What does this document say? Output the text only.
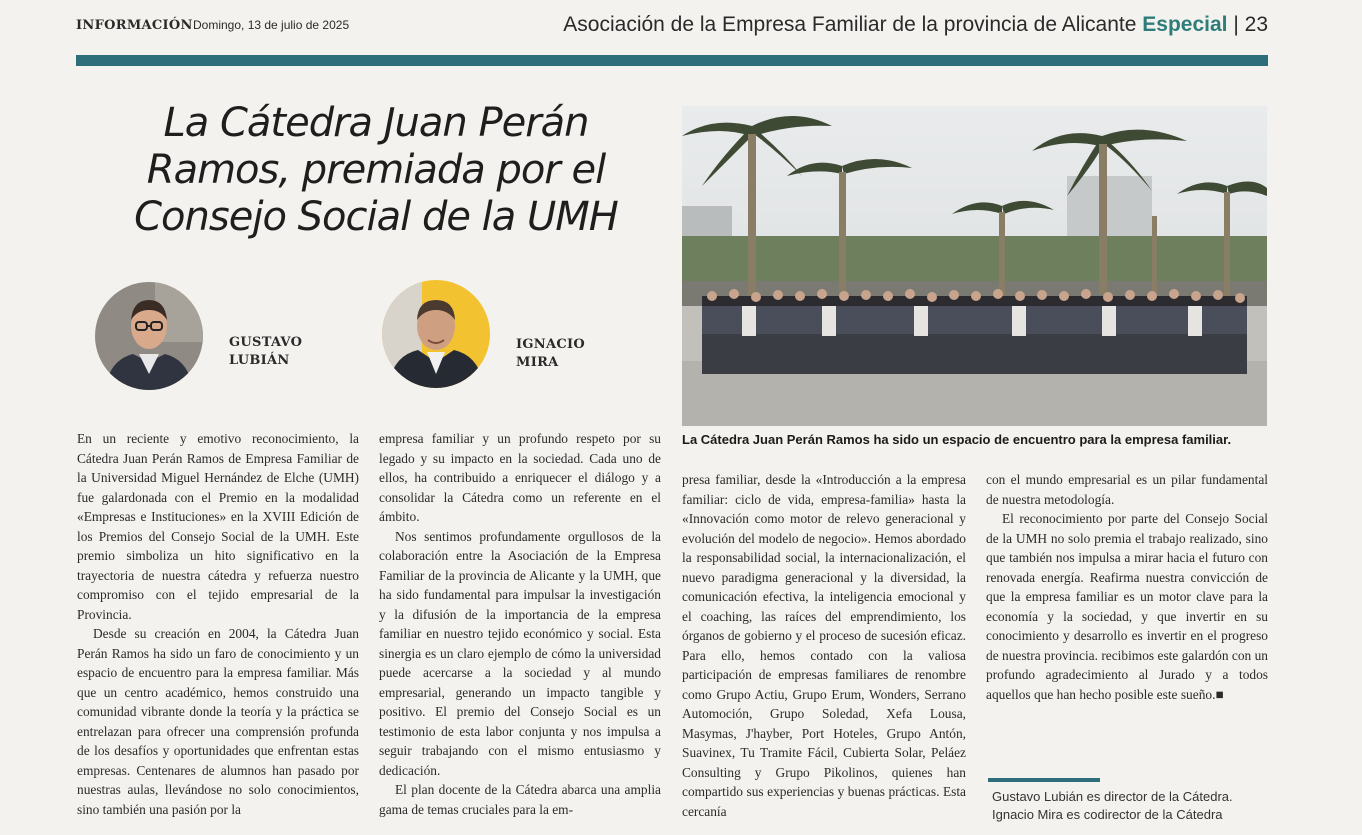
INFORMACIÓN Domingo, 13 de julio de 2025	Asociación de la Empresa Familiar de la provincia de Alicante Especial | 23
La Cátedra Juan Perán
Ramos, premiada por el
Consejo Social de la UMH
GUSTAVO
LUBIÁN
IGNACIO
MIRA
La Cátedra Juan Perán Ramos ha sido un espacio de encuentro para la empresa familiar.

En un reciente y emotivo reconocimiento, la Cátedra Juan Perán Ramos de Empresa Familiar de la Universidad Miguel Hernández de Elche (UMH) fue galardonada con el Premio en la modalidad «Empresas e Instituciones» en la XVIII Edición de los Premios del Consejo Social de la UMH. Este premio simboliza un hito significativo en la trayectoria de nuestra cátedra y refuerza nuestro compromiso con el tejido empresarial de la Provincia.

Desde su creación en 2004, la Cátedra Juan Perán Ramos ha sido un faro de conocimiento y un espacio de encuentro para la empresa familiar. Más que un centro académico, hemos construido una comunidad vibrante donde la teoría y la práctica se entrelazan para ofrecer una comprensión profunda de los desafíos y oportunidades que enfrentan estas empresas. Centenares de alumnos han pasado por nuestras aulas, llevándose no solo conocimientos, sino también una pasión por la

empresa familiar y un profundo respeto por su legado y su impacto en la sociedad. Cada uno de ellos, ha contribuido a enriquecer el diálogo y a consolidar la Cátedra como un referente en el ámbito.

Nos sentimos profundamente orgullosos de la colaboración entre la Asociación de la Empresa Familiar de la provincia de Alicante y la UMH, que ha sido fundamental para impulsar la investigación y la difusión de la importancia de la empresa familiar en nuestro tejido económico y social. Esta sinergia es un claro ejemplo de cómo la universidad puede acercarse a la sociedad y al mundo empresarial, generando un impacto tangible y positivo. El premio del Consejo Social es un testimonio de esta labor conjunta y nos impulsa a seguir trabajando con el mismo entusiasmo y dedicación.

El plan docente de la Cátedra abarca una amplia gama de temas cruciales para la em-

presa familiar, desde la «Introducción a la empresa familiar: ciclo de vida, empresa-familia» hasta la «Innovación como motor de relevo generacional y evolución del modelo de negocio». Hemos abordado la responsabilidad social, la internacionalización, el nuevo paradigma generacional y la diversidad, la comunicación efectiva, la inteligencia emocional y el coaching, las raíces del emprendimiento, los órganos de gobierno y el proceso de sucesión eficaz. Para ello, hemos contado con la valiosa participación de empresas familiares de renombre como Grupo Actiu, Grupo Erum, Wonders, Serrano Automoción, Grupo Soledad, Xefa Lousa, Masymas, J'hayber, Port Hoteles, Grupo Antón, Suavinex, Tu Tramite Fácil, Cubierta Solar, Peláez Consulting y Grupo Pikolinos, quienes han compartido sus experiencias y buenas prácticas. Esta cercanía

con el mundo empresarial es un pilar fundamental de nuestra metodología.

El reconocimiento por parte del Consejo Social de la UMH no solo premia el trabajo realizado, sino que también nos impulsa a mirar hacia el futuro con renovada energía. Reafirma nuestra convicción de que la empresa familiar es un motor clave para la economía y la sociedad, y que invertir en su conocimiento y desarrollo es invertir en el progreso de nuestra provincia. recibimos este galardón con un profundo agradecimiento al Jurado y a todos aquellos que han hecho posible este sueño.■

Gustavo Lubián es director de la Cátedra.
Ignacio Mira es codirector de la Cátedra
